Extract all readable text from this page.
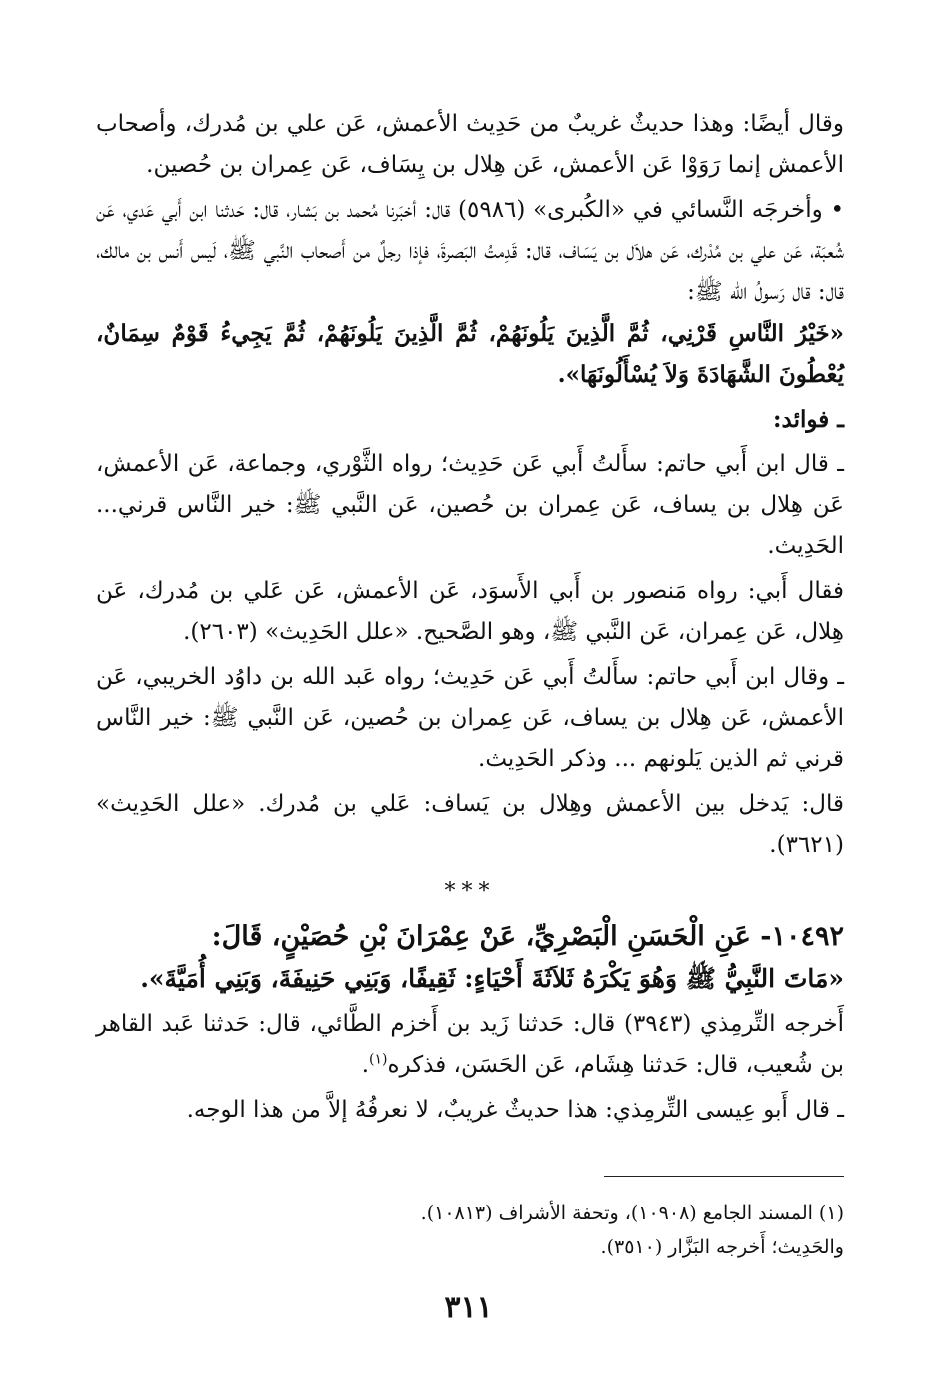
وقال أيضًا: وهذا حديثٌ غريبٌ من حَدِيث الأعمش، عَن علي بن مُدرك، وأصحاب الأعمش إنما رَوَوْا عَن الأعمش، عَن هِلال بن يِسَاف، عَن عِمران بن حُصين.

• وأخرجَه النَّسائي في «الكُبرى» (٥٩٨٦) قال: أخبَرنا مُحمد بن بَشار، قال: حَدثنا ابن أَبي عَدي، عَن شُعبَة، عَن علي بن مُدْرك، عَن هلاَل بن يَسَاف، قال: قَدِمتُ البَصرةَ، فإذا رجلٌ من أَصحاب النَّبي ﷺ، لَيس أَنس بن مالك، قال: قال رَسولُ الله ﷺ:

«خَيْرُ النَّاسِ قَرْنِي، ثُمَّ الَّذِينَ يَلُونَهُمْ، ثُمَّ الَّذِينَ يَلُونَهُمْ، ثُمَّ يَجِيءُ قَوْمٌ سِمَانٌ، يُعْطُونَ الشَّهَادَةَ وَلاَ يُسْأَلُونَهَا».

ـ فوائد:

ـ قال ابن أَبي حاتم: سأَلتُ أَبي عَن حَدِيث؛ رواه الثَّوْري، وجماعة، عَن الأعمش، عَن هِلال بن يساف، عَن عِمران بن حُصين، عَن النَّبي ﷺ: خير النَّاس قرني... الحَدِيث.

فقال أَبي: رواه مَنصور بن أَبي الأَسوَد، عَن الأعمش، عَن عَلي بن مُدرك، عَن هِلال، عَن عِمران، عَن النَّبي ﷺ، وهو الصَّحيح. «علل الحَدِيث» (٢٦٠٣).

ـ وقال ابن أَبي حاتم: سأَلتُ أَبي عَن حَدِيث؛ رواه عَبد الله بن داوُد الخريبي، عَن الأعمش، عَن هِلال بن يساف، عَن عِمران بن حُصين، عَن النَّبي ﷺ: خير النَّاس قرني ثم الذين يَلونهم ... وذكر الحَدِيث.

قال: يَدخل بين الأعمش وهِلال بن يَساف: عَلي بن مُدرك. «علل الحَدِيث» (٣٦٢١).

***

١٠٤٩٢- عَنِ الْحَسَنِ الْبَصْرِيِّ، عَنْ عِمْرَانَ بْنِ حُصَيْنٍ، قَالَ:

«مَاتَ النَّبِيُّ ﷺ وَهُوَ يَكْرَهُ ثَلاَثَةَ أَحْيَاءٍ: ثَقِيفًا، وَبَنِي حَنِيفَةَ، وَبَنِي أُمَيَّةَ».

أَخرجه التِّرمِذي (٣٩٤٣) قال: حَدثنا زَيد بن أَخزم الطَّائي، قال: حَدثنا عَبد القاهر بن شُعيب، قال: حَدثنا هِشَام، عَن الحَسَن، فذكره$^{(١)}$.

ـ قال أَبو عِيسى التِّرمِذي: هذا حديثٌ غريبٌ، لا نعرفُهُ إلاَّ من هذا الوجه.

(١) المسند الجامع (١٠٩٠٨)، وتحفة الأشراف (١٠٨١٣).

والحَدِيث؛ أَخرجه البَزَّار (٣٥١٠).

٣١١
